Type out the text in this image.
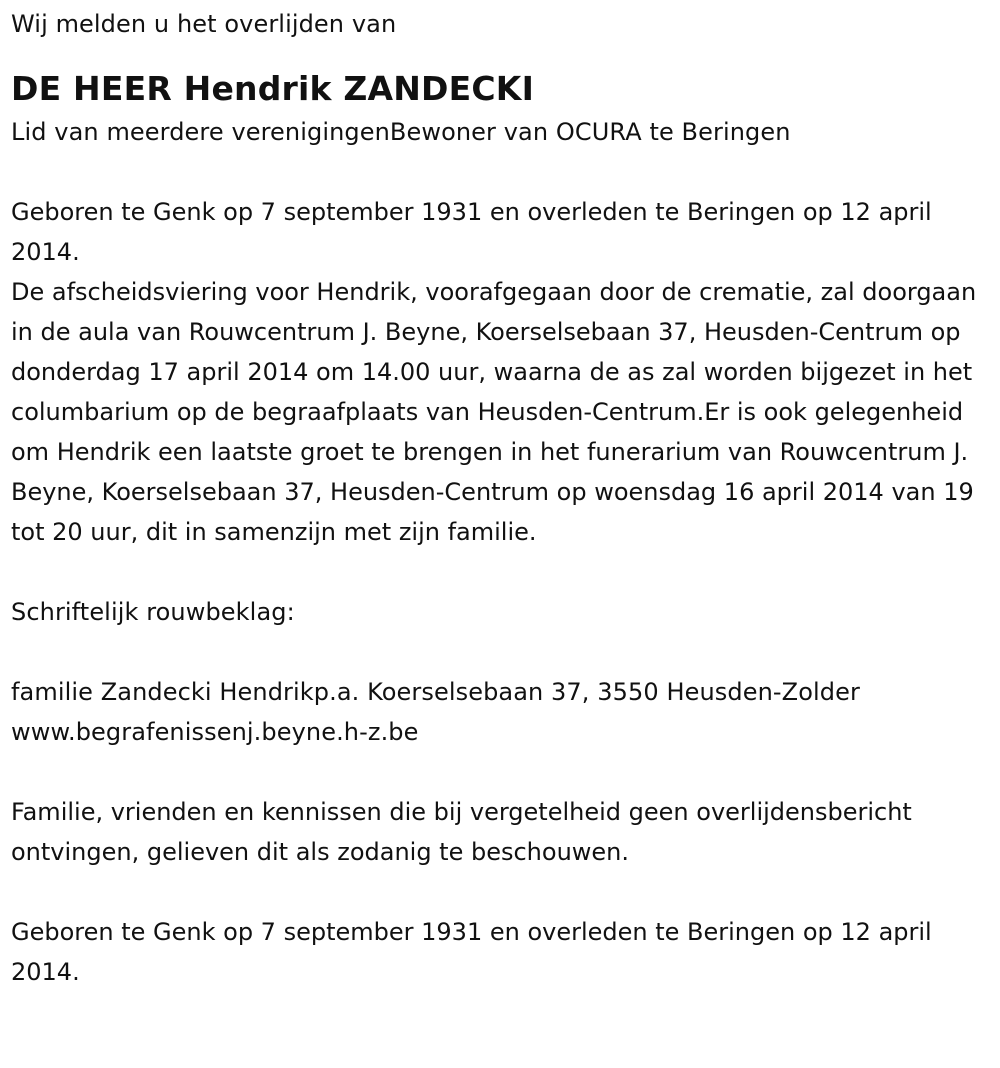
Wij melden u het overlijden van
DE HEER Hendrik ZANDECKI
Lid van meerdere verenigingenBewoner van OCURA te Beringen

Geboren te Genk op 7 september 1931 en overleden te Beringen op 12 april 2014.

De afscheidsviering voor Hendrik, voorafgegaan door de crematie, zal doorgaan in de aula van Rouwcentrum J. Beyne, Koerselsebaan 37, Heusden-Centrum op donderdag 17 april 2014 om 14.00 uur, waarna de as zal worden bijgezet in het columbarium op de begraafplaats van Heusden-Centrum.Er is ook gelegenheid om Hendrik een laatste groet te brengen in het funerarium van Rouwcentrum J. Beyne, Koerselsebaan 37, Heusden-Centrum op woensdag 16 april 2014 van 19 tot 20 uur, dit in samenzijn met zijn familie.

Schriftelijk rouwbeklag:
familie Zandecki Hendrikp.a. Koerselsebaan 37, 3550 Heusden-Zolder
www.begrafenissenj.beyne.h-z.be

Familie, vrienden en kennissen die bij vergetelheid geen overlijdensbericht ontvingen, gelieven dit als zodanig te beschouwen.

Geboren te Genk op 7 september 1931 en overleden te Beringen op 12 april 2014.
